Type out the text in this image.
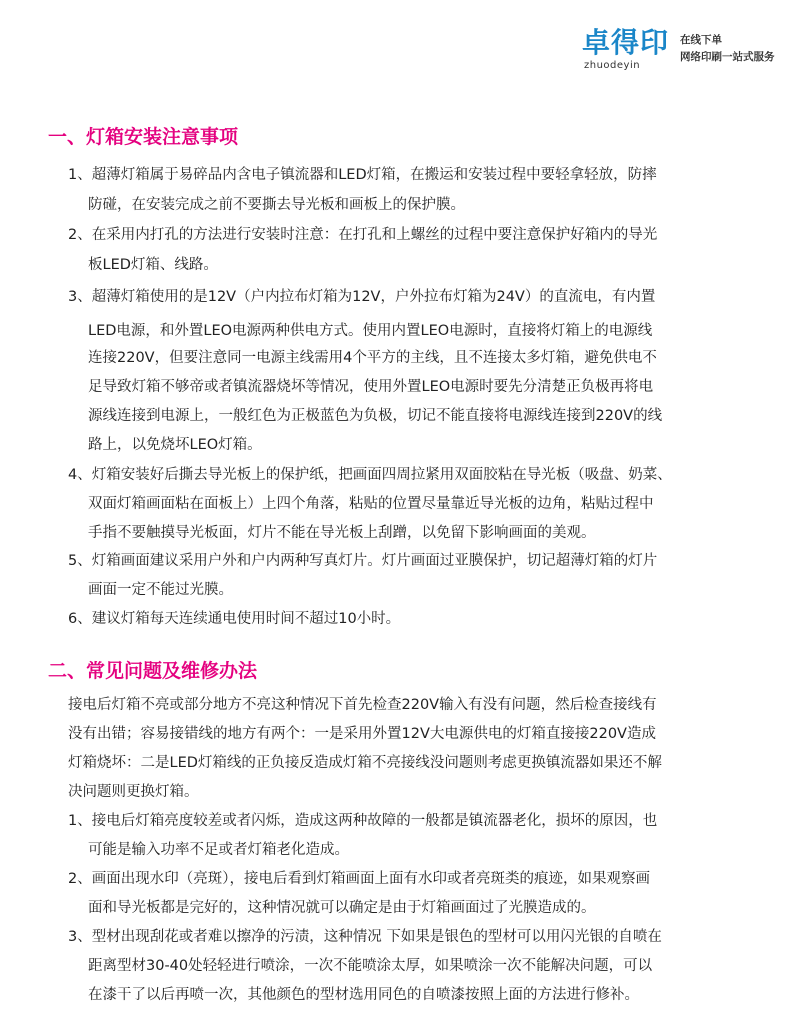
卓得印
zhuodeyin
在线下单
网络印刷一站式服务
一、灯箱安装注意事项
1、超薄灯箱属于易碎品内含电子镇流器和LED灯箱，在搬运和安装过程中要轻拿轻放，防摔
防碰，在安装完成之前不要撕去导光板和画板上的保护膜。
2、在采用内打孔的方法进行安装时注意：在打孔和上螺丝的过程中要注意保护好箱内的导光
板LED灯箱、线路。
3、超薄灯箱使用的是12V（户内拉布灯箱为12V，户外拉布灯箱为24V）的直流电，有内置
LED电源，和外置LEO电源两种供电方式。使用内置LEO电源时，直接将灯箱上的电源线
连接220V，但要注意同一电源主线需用4个平方的主线，且不连接太多灯箱，避免供电不
足导致灯箱不够帝或者镇流器烧坏等情况，使用外置LEO电源时要先分清楚正负极再将电
源线连接到电源上，一般红色为正极蓝色为负极，切记不能直接将电源线连接到220V的线
路上，以免烧坏LEO灯箱。
4、灯箱安装好后撕去导光板上的保护纸，把画面四周拉紧用双面胶粘在导光板（吸盘、奶菜、
双面灯箱画面粘在面板上）上四个角落，粘贴的位置尽量靠近导光板的边角，粘贴过程中
手指不要触摸导光板面，灯片不能在导光板上刮蹭，以免留下影响画面的美观。
5、灯箱画面建议采用户外和户内两种写真灯片。灯片画面过亚膜保护，切记超薄灯箱的灯片
画面一定不能过光膜。
6、建议灯箱每天连续通电使用时间不超过10小时。
二、常见问题及维修办法
接电后灯箱不亮或部分地方不亮这种情况下首先检查220V输入有没有问题，然后检查接线有
没有出错；容易接错线的地方有两个：一是采用外置12V大电源供电的灯箱直接接220V造成
灯箱烧坏：二是LED灯箱线的正负接反造成灯箱不亮接线没问题则考虑更换镇流器如果还不解
决问题则更换灯箱。
1、接电后灯箱亮度较差或者闪烁，造成这两种故障的一般都是镇流器老化，损坏的原因，也
可能是输入功率不足或者灯箱老化造成。
2、画面出现水印（亮斑），接电后看到灯箱画面上面有水印或者亮斑类的痕迹，如果观察画
面和导光板都是完好的，这种情况就可以确定是由于灯箱画面过了光膜造成的。
3、型材出现刮花或者难以擦净的污渍，这种情况 下如果是银色的型材可以用闪光银的自喷在
距离型材30-40处轻轻进行喷涂，一次不能喷涂太厚，如果喷涂一次不能解决问题，可以
在漆干了以后再喷一次，其他颜色的型材选用同色的自喷漆按照上面的方法进行修补。
